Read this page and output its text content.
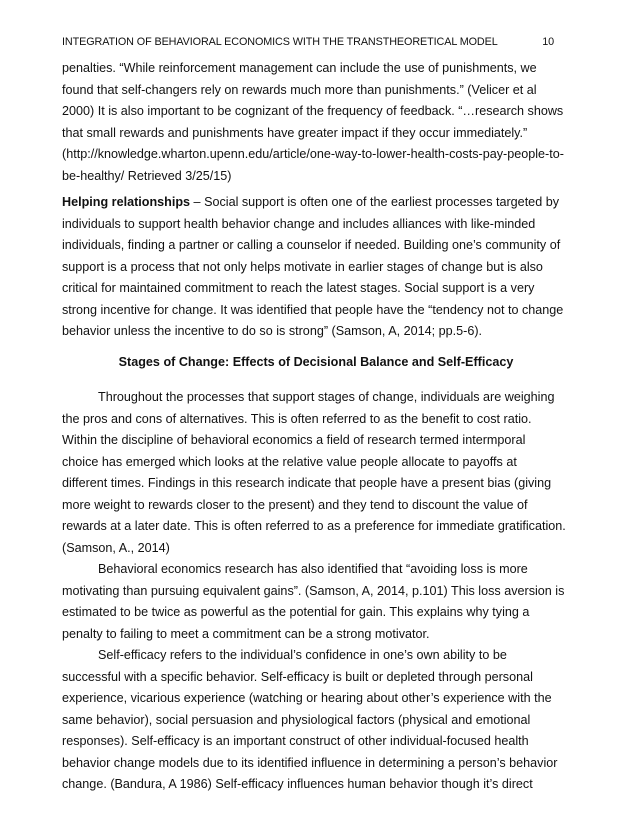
INTEGRATION OF BEHAVIORAL ECONOMICS WITH THE TRANSTHEORETICAL MODEL	10
penalties. “While reinforcement management can include the use of punishments, we
found that self-changers rely on rewards much more than punishments.” (Velicer et al
2000) It is also important to be cognizant of the frequency of feedback. “…research shows
that small rewards and punishments have greater impact if they occur immediately.”
(http://knowledge.wharton.upenn.edu/article/one-way-to-lower-health-costs-pay-people-to-
be-healthy/ Retrieved 3/25/15)
Helping relationships – Social support is often one of the earliest processes targeted by
individuals to support health behavior change and includes alliances with like-minded
individuals, finding a partner or calling a counselor if needed. Building one’s community of
support is a process that not only helps motivate in earlier stages of change but is also
critical for maintained commitment to reach the latest stages. Social support is a very
strong incentive for change. It was identified that people have the “tendency not to change
behavior unless the incentive to do so is strong” (Samson, A, 2014; pp.5-6).
Stages of Change: Effects of Decisional Balance and Self-Efficacy
Throughout the processes that support stages of change, individuals are weighing
the pros and cons of alternatives. This is often referred to as the benefit to cost ratio.
Within the discipline of behavioral economics a field of research termed intermporal
choice has emerged which looks at the relative value people allocate to payoffs at
different times. Findings in this research indicate that people have a present bias (giving
more weight to rewards closer to the present) and they tend to discount the value of
rewards at a later date. This is often referred to as a preference for immediate gratification.
(Samson, A., 2014)
Behavioral economics research has also identified that “avoiding loss is more
motivating than pursuing equivalent gains”. (Samson, A, 2014, p.101) This loss aversion is
estimated to be twice as powerful as the potential for gain. This explains why tying a
penalty to failing to meet a commitment can be a strong motivator.
Self-efficacy refers to the individual’s confidence in one’s own ability to be
successful with a specific behavior. Self-efficacy is built or depleted through personal
experience, vicarious experience (watching or hearing about other’s experience with the
same behavior), social persuasion and physiological factors (physical and emotional
responses). Self-efficacy is an important construct of other individual-focused health
behavior change models due to its identified influence in determining a person’s behavior
change. (Bandura, A 1986) Self-efficacy influences human behavior though it’s direct
